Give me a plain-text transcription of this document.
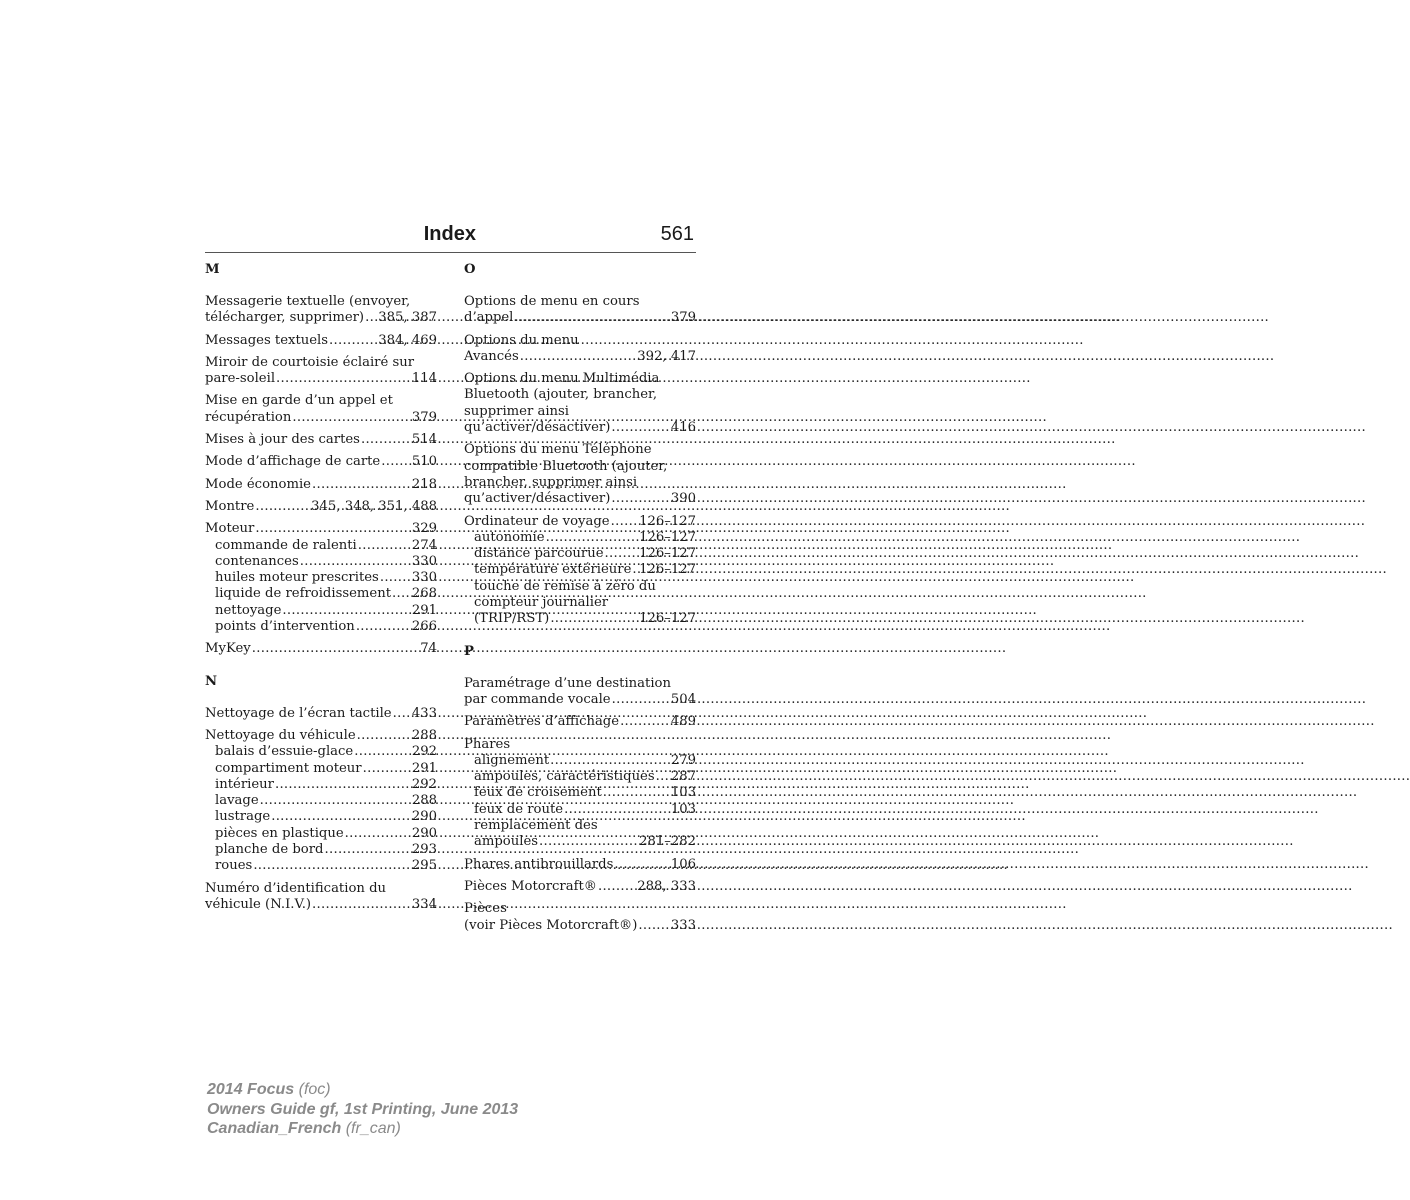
Index	561
M
Messagerie textuelle (envoyer,
télécharger, supprimer) ..... 385, 387
Messages textuels .....	384, 469
Miroir de courtoisie éclairé sur
pare-soleil .....	114
Mise en garde d’un appel et
récupération .....	379
Mises à jour des cartes .....	514
Mode d’affichage de carte ..... 510
Mode économie .....	218
Montre .....	345, 348, 351, 488
Moteur .....	329
commande de ralenti .....	274
contenances .....	330
huiles moteur prescrites .....	330
liquide de refroidissement ..... 268
nettoyage .....	291
points d’intervention .....	266
MyKey .....	74
N
Nettoyage de l’écran tactile ..... 433
Nettoyage du véhicule .....	288
balais d’essuie-glace .....	292
compartiment moteur .....	291
intérieur .....	292
lavage .....	288
lustrage .....	290
pièces en plastique .....	290
planche de bord .....	293
roues .....	295
Numéro d’identification du
véhicule (N.I.V.) .....	334
O
Options de menu en cours
d’appel .....	379
Options du menu
Avancés .....	392, 417
Options du menu Multimédia
Bluetooth (ajouter, brancher,
supprimer ainsi
qu’activer/désactiver) .....	416
Options du menu Téléphone
compatible Bluetooth (ajouter,
brancher, supprimer ainsi
qu’activer/désactiver) .....	390
Ordinateur de voyage ..... 126–127
autonomie .....	126–127
distance parcourue .....	126–127
température extérieure ..... 126–127
touche de remise à zéro du
compteur journalier
(TRIP/RST) .....	126–127
P
Paramétrage d’une destination
par commande vocale .....	504
Paramètres d’affichage .....	489
Phares
alignement .....	279
ampoules, caractéristiques ..... 287
feux de croisement .....	103
feux de route .....	103
remplacement des
ampoules .....	281–282
Phares antibrouillards .....	106
Pièces Motorcraft® .....	288, 333
Pièces
(voir Pièces Motorcraft®) .....	333
2014 Focus (foc)
Owners Guide gf, 1st Printing, June 2013
Canadian_French (fr_can)
